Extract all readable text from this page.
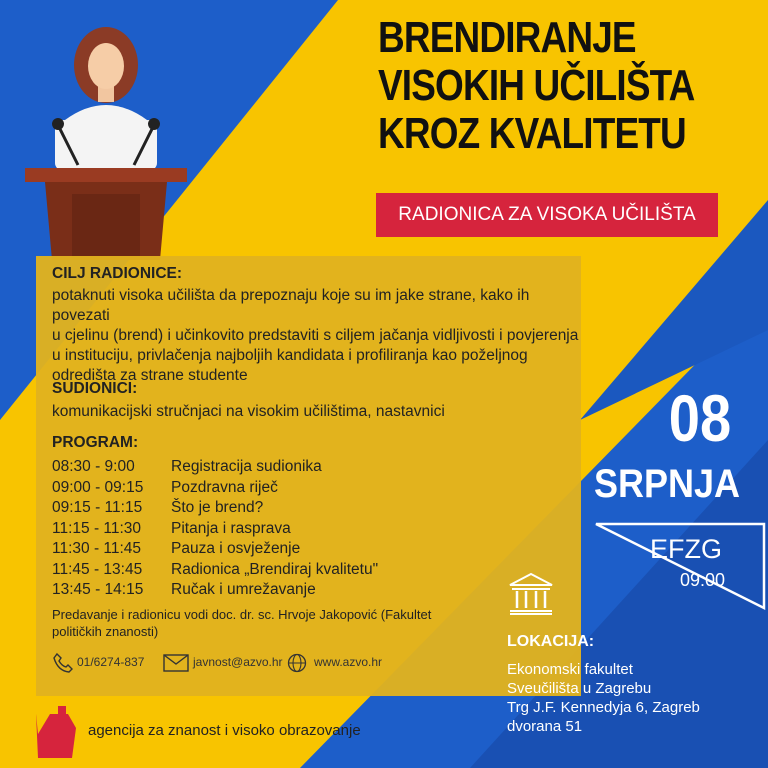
BRENDIRANJE
VISOKIH UČILIŠTA
KROZ KVALITETU
RADIONICA ZA VISOKA UČILIŠTA
CILJ RADIONICE:
potaknuti visoka učilišta da prepoznaju koje su im jake strane, kako ih povezati
u cjelinu (brend) i učinkovito predstaviti s ciljem jačanja vidljivosti i povjerenja
u instituciju, privlačenja najboljih kandidata i profiliranja kao poželjnog
odredišta za strane studente
SUDIONICI:
komunikacijski stručnjaci na visokim učilištima, nastavnici
PROGRAM:
08:30 - 9:00	Registracija sudionika
09:00 - 09:15	Pozdravna riječ
09:15 - 11:15	Što je brend?
11:15 - 11:30	Pitanja i rasprava
11:30 - 11:45	Pauza i osvježenje
11:45 - 13:45	Radionica „Brendiraj kvalitetu"
13:45 - 14:15	Ručak i umrežavanje
Predavanje i radionicu vodi doc. dr. sc. Hrvoje Jakopović (Fakultet
političkih znanosti)
01/6274-837	javnost@azvo.hr	www.azvo.hr
08
SRPNJA
EFZG
09:00
LOKACIJA:
Ekonomski fakultet
Sveučilišta u Zagrebu
Trg J.F. Kennedyja 6, Zagreb
dvorana 51
agencija za znanost i visoko obrazovanje
